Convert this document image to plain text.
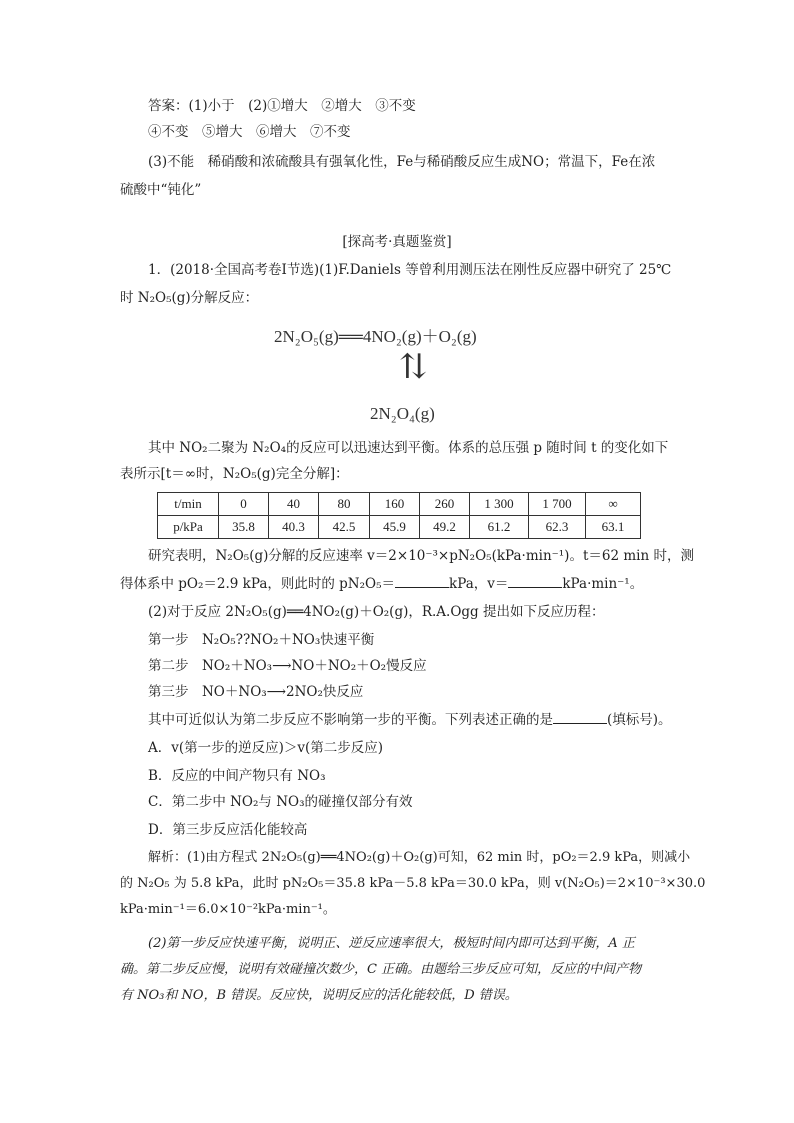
答案：(1)小于　(2)①增大　②增大　③不变
④不变　⑤增大　⑥增大　⑦不变
(3)不能　稀硝酸和浓硫酸具有强氧化性，Fe与稀硝酸反应生成NO；常温下，Fe在浓
硫酸中“钝化”
[探高考·真题鉴赏]
1．(2018·全国高考卷Ⅰ节选)(1)F.Daniels 等曾利用测压法在刚性反应器中研究了 25℃
时 N₂O₅(g)分解反应：
2N₂O₅(g)══4NO₂(g)＋O₂(g)
⇅
2N₂O₄(g)
其中 NO₂二聚为 N₂O₄的反应可以迅速达到平衡。体系的总压强 p 随时间 t 的变化如下
表所示[t＝∞时，N₂O₅(g)完全分解]：
t/min	0	40	80	160	260	1 300	1 700	∞
p/kPa	35.8	40.3	42.5	45.9	49.2	61.2	62.3	63.1
研究表明，N₂O₅(g)分解的反应速率 v＝2×10⁻³×pN₂O₅(kPa·min⁻¹)。t＝62 min 时，测
得体系中 pO₂＝2.9 kPa，则此时的 pN₂O₅＝	kPa，v＝	kPa·min⁻¹。
(2)对于反应 2N₂O₅(g)══4NO₂(g)＋O₂(g)，R.A.Ogg 提出如下反应历程：
第一步　N₂O₅??NO₂＋NO₃快速平衡
第二步　NO₂＋NO₃⟶NO＋NO₂＋O₂慢反应
第三步　NO＋NO₃⟶2NO₂快反应
其中可近似认为第二步反应不影响第一步的平衡。下列表述正确的是	(填标号)。
A．v(第一步的逆反应)＞v(第二步反应)
B．反应的中间产物只有 NO₃
C．第二步中 NO₂与 NO₃的碰撞仅部分有效
D．第三步反应活化能较高
解析：(1)由方程式 2N₂O₅(g)══4NO₂(g)＋O₂(g)可知，62 min 时，pO₂＝2.9 kPa，则减小
的 N₂O₅ 为 5.8 kPa，此时 pN₂O₅＝35.8 kPa－5.8 kPa＝30.0 kPa，则 v(N₂O₅)＝2×10⁻³×30.0
kPa·min⁻¹＝6.0×10⁻²kPa·min⁻¹。
(2)第一步反应快速平衡，说明正、逆反应速率很大，极短时间内即可达到平衡，A 正
确。第二步反应慢，说明有效碰撞次数少，C 正确。由题给三步反应可知，反应的中间产物
有 NO₃和 NO，B 错误。反应快，说明反应的活化能较低，D 错误。
